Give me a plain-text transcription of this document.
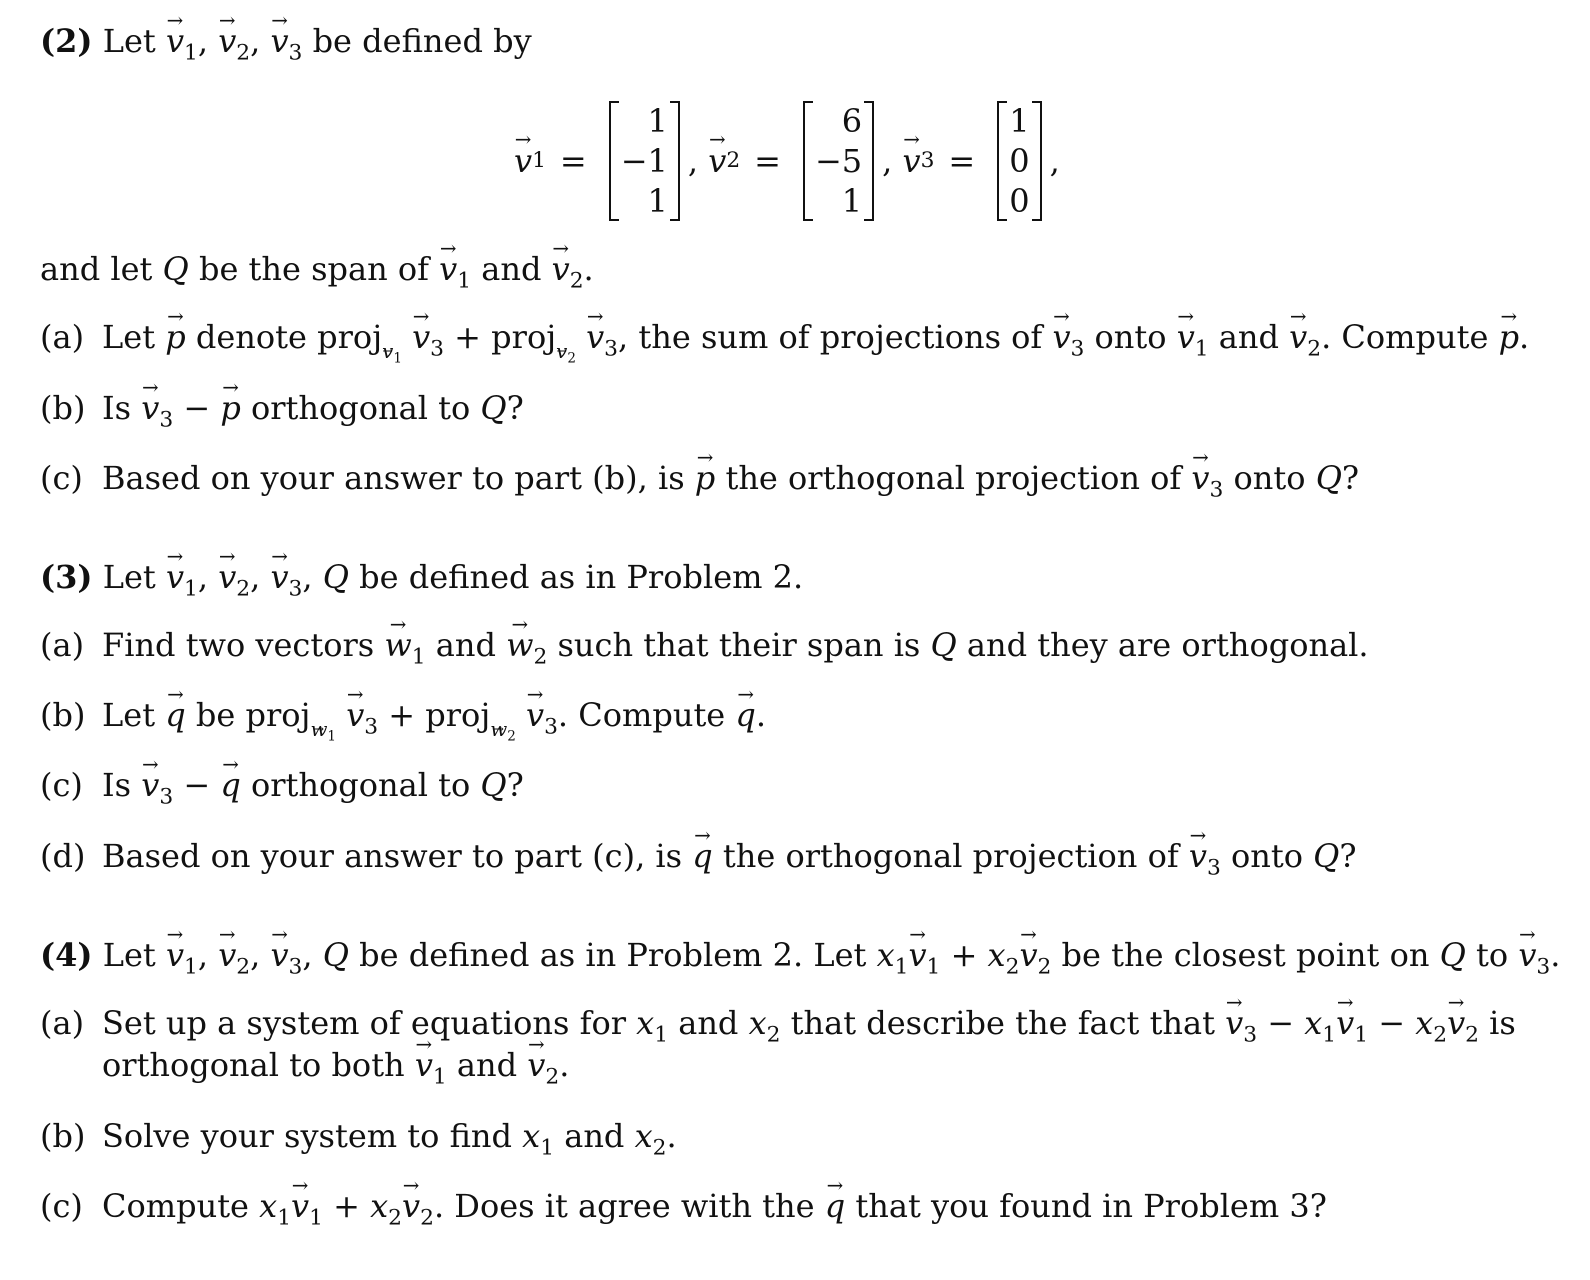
(2) Let → $v_1$, → $v_2$, → $v_3$ be defined by
→ v 1 =
1
−1
1
, → v 2 =
6
−5
1
, → v 3 =
1
0
0
,
and let Q be the span of → $v_1$ and → $v_2$.
(a) Let → p denote projv$_1$ → $v_3$ + projv$_2$ → $v_3$, the sum of projections of → $v_3$ onto → $v_1$ and → $v_2$. Compute → p.
(b) $Is \to v_3$ − → p orthogonal to Q?
(c) Based on your answer to part (b), is → p the orthogonal projection of → $v_3$ onto Q?
(3) Let → $v_1$, → $v_2$, → $v_3$, Q be defined as in Problem 2.
(a) Find two vectors → $w_1$ and → $w_2$ such that their span is Q and they are orthogonal.
(b) Let → q be projw$_1$ → $v_3$ + projw$_2$ → $v_3$. Compute → q.
(c) $Is \to v_3$ − → q orthogonal to Q?
(d) Based on your answer to part (c), is → q the orthogonal projection of → $v_3$ onto Q?
(4) Let → $v_1$, → $v_2$, → $v_3$, Q be defined as in Problem 2. Let $x_1\to v_1 + x_2\to v_2$ be the closest point on Q to → $v_3$.
(a) Set up a system of equations for $x_1$ and $x_2$ that describe the fact that → $v_3 - x_1\to v_1 - x_2\to v_2$ is
orthogonal to both → $v_1$ and → $v_2$.
(b) Solve your system to find $x_1$ and $x_2$.
(c) Compute $x_1\to v_1 + x_2\to v_2$. Does it agree with the → q that you found in Problem 3?
